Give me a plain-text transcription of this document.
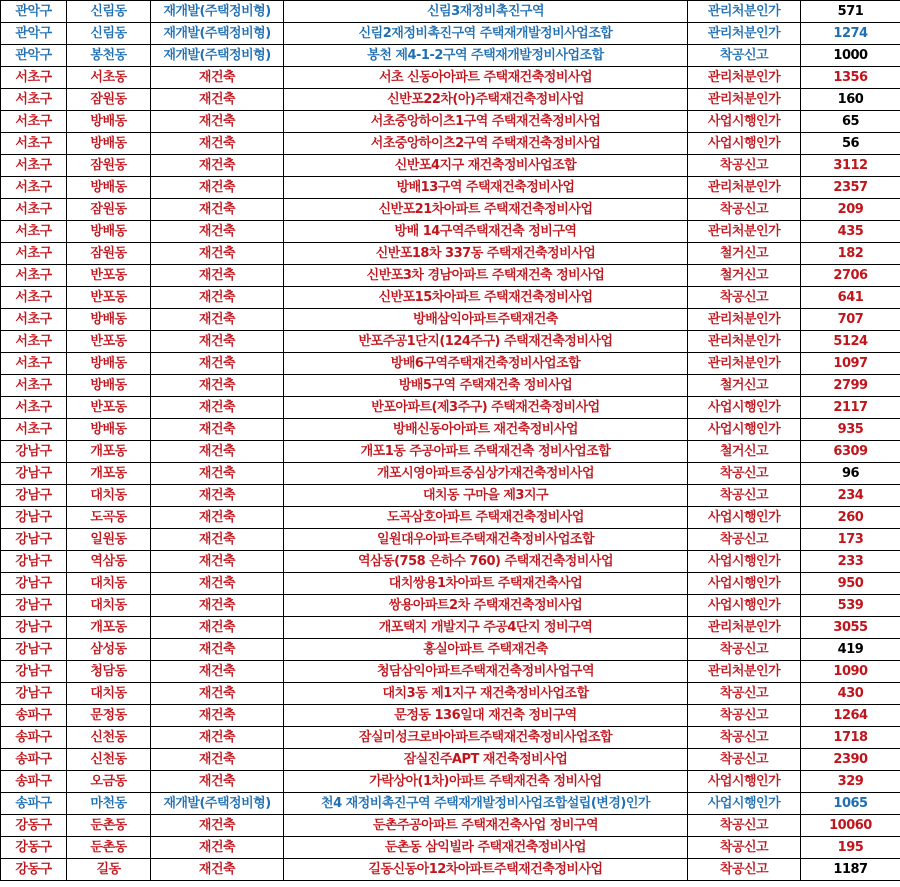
관악구	신림동	재개발(주택정비형)	신림3재정비촉진구역	관리처분인가	571
관악구	신림동	재개발(주택정비형)	신림2재정비촉진구역 주택재개발정비사업조합	관리처분인가	1274
관악구	봉천동	재개발(주택정비형)	봉천 제4-1-2구역 주택재개발정비사업조합	착공신고	1000
서초구	서초동	재건축	서초 신동아아파트 주택재건축정비사업	관리처분인가	1356
서초구	잠원동	재건축	신반포22차(아)주택재건축정비사업	관리처분인가	160
서초구	방배동	재건축	서초중앙하이츠1구역 주택재건축정비사업	사업시행인가	65
서초구	방배동	재건축	서초중앙하이츠2구역 주택재건축정비사업	사업시행인가	56
서초구	잠원동	재건축	신반포4지구 재건축정비사업조합	착공신고	3112
서초구	방배동	재건축	방배13구역 주택재건축정비사업	관리처분인가	2357
서초구	잠원동	재건축	신반포21차아파트 주택재건축정비사업	착공신고	209
서초구	방배동	재건축	방배 14구역주택재건축 정비구역	관리처분인가	435
서초구	잠원동	재건축	신반포18차 337동 주택재건축정비사업	철거신고	182
서초구	반포동	재건축	신반포3차 경남아파트 주택재건축 정비사업	철거신고	2706
서초구	반포동	재건축	신반포15차아파트 주택재건축정비사업	착공신고	641
서초구	방배동	재건축	방배삼익아파트주택재건축	관리처분인가	707
서초구	반포동	재건축	반포주공1단지(124주구) 주택재건축정비사업	관리처분인가	5124
서초구	방배동	재건축	방배6구역주택재건축정비사업조합	관리처분인가	1097
서초구	방배동	재건축	방배5구역 주택재건축 정비사업	철거신고	2799
서초구	반포동	재건축	반포아파트(제3주구) 주택재건축정비사업	사업시행인가	2117
서초구	방배동	재건축	방배신동아아파트 재건축정비사업	사업시행인가	935
강남구	개포동	재건축	개포1동 주공아파트 주택재건축 정비사업조합	철거신고	6309
강남구	개포동	재건축	개포시영아파트중심상가재건축정비사업	착공신고	96
강남구	대치동	재건축	대치동 구마을 제3지구	착공신고	234
강남구	도곡동	재건축	도곡삼호아파트 주택재건축정비사업	사업시행인가	260
강남구	일원동	재건축	일원대우아파트주택재건축정비사업조합	착공신고	173
강남구	역삼동	재건축	역삼동(758 은하수 760) 주택재건축정비사업	사업시행인가	233
강남구	대치동	재건축	대치쌍용1차아파트 주택재건축사업	사업시행인가	950
강남구	대치동	재건축	쌍용아파트2차 주택재건축정비사업	사업시행인가	539
강남구	개포동	재건축	개포택지 개발지구 주공4단지 정비구역	관리처분인가	3055
강남구	삼성동	재건축	홍실아파트 주택재건축	착공신고	419
강남구	청담동	재건축	청담삼익아파트주택재건축정비사업구역	관리처분인가	1090
강남구	대치동	재건축	대치3동 제1지구 재건축정비사업조합	착공신고	430
송파구	문정동	재건축	문정동 136일대 재건축 정비구역	착공신고	1264
송파구	신천동	재건축	잠실미성크로바아파트주택재건축정비사업조합	착공신고	1718
송파구	신천동	재건축	잠실진주APT 재건축정비사업	착공신고	2390
송파구	오금동	재건축	가락상아(1차)아파트 주택재건축 정비사업	사업시행인가	329
송파구	마천동	재개발(주택정비형)	천4 재정비촉진구역 주택재개발정비사업조합설립(변경)인가	사업시행인가	1065
강동구	둔촌동	재건축	둔촌주공아파트 주택재건축사업 정비구역	착공신고	10060
강동구	둔촌동	재건축	둔촌동 삼익빌라 주택재건축정비사업	착공신고	195
강동구	길동	재건축	길동신동아12차아파트주택재건축정비사업	착공신고	1187
